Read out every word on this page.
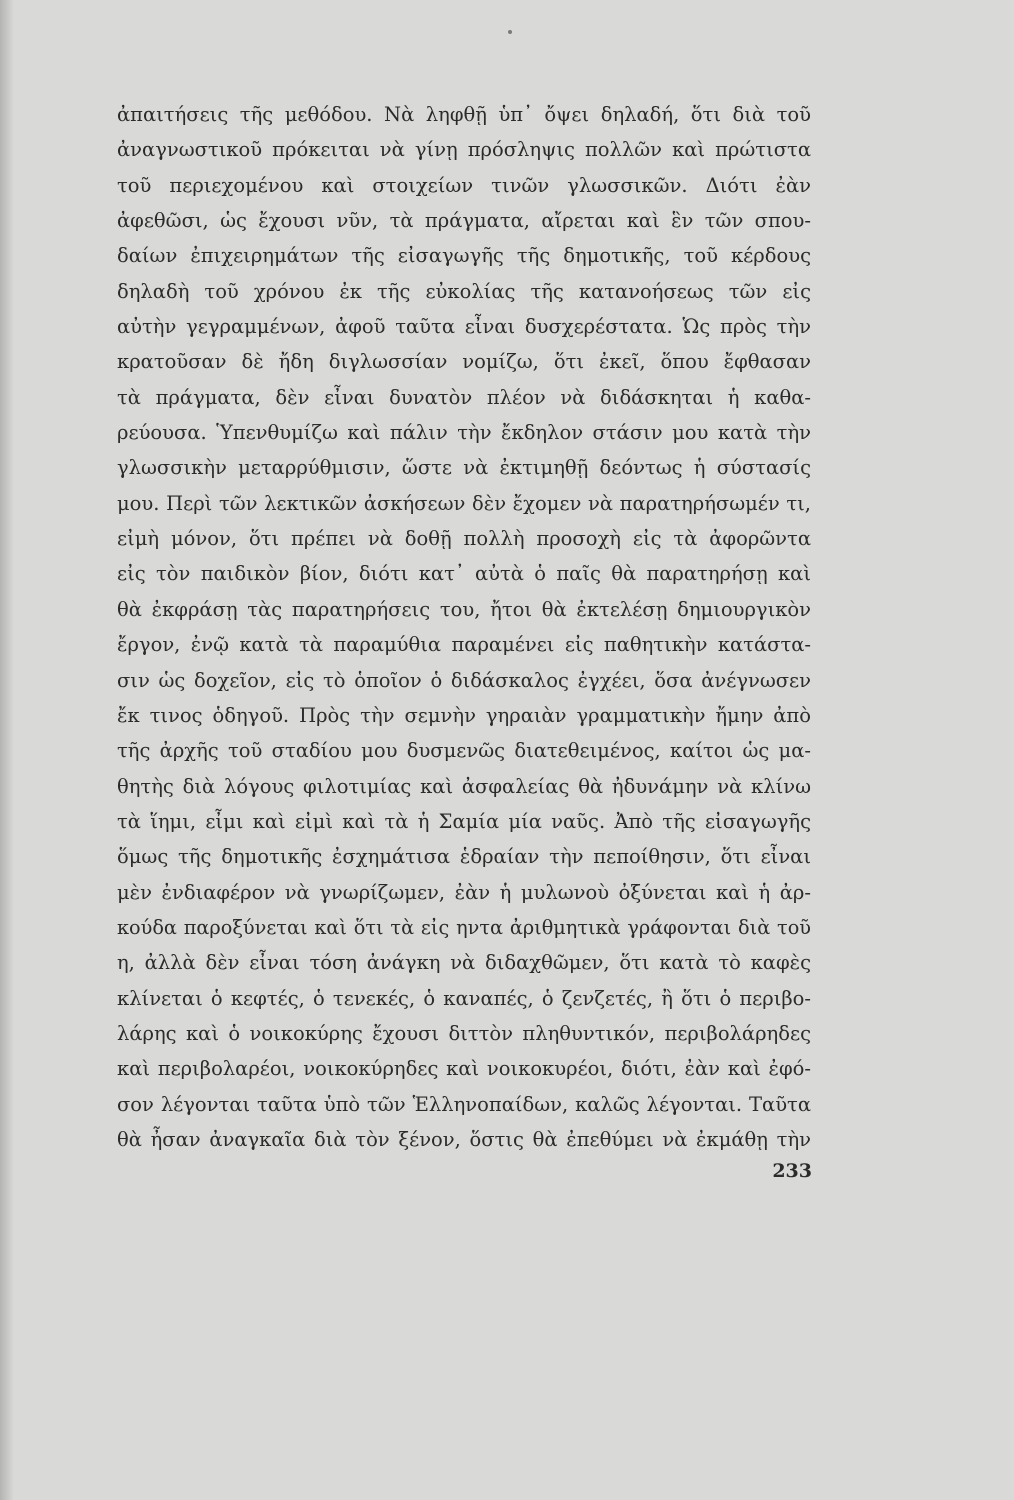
ἀπαιτήσεις τῆς μεθόδου. Νὰ ληφθῇ ὑπ᾿ ὄψει δηλαδή, ὅτι διὰ τοῦ
ἀναγνωστικοῦ πρόκειται νὰ γίνῃ πρόσληψις πολλῶν καὶ πρώτιστα
τοῦ περιεχομένου καὶ στοιχείων τινῶν γλωσσικῶν. Διότι ἐὰν
ἀφεθῶσι, ὡς ἔχουσι νῦν, τὰ πράγματα, αἴρεται καὶ ἓν τῶν σπου-
δαίων ἐπιχειρημάτων τῆς εἰσαγωγῆς τῆς δημοτικῆς, τοῦ κέρδους
δηλαδὴ τοῦ χρόνου ἐκ τῆς εὐκολίας τῆς κατανοήσεως τῶν εἰς
αὐτὴν γεγραμμένων, ἀφοῦ ταῦτα εἶναι δυσχερέστατα. Ὡς πρὸς τὴν
κρατοῦσαν δὲ ἤδη διγλωσσίαν νομίζω, ὅτι ἐκεῖ, ὅπου ἔφθασαν
τὰ πράγματα, δὲν εἶναι δυνατὸν πλέον νὰ διδάσκηται ἡ καθα-
ρεύουσα. Ὑπενθυμίζω καὶ πάλιν τὴν ἔκδηλον στάσιν μου κατὰ τὴν
γλωσσικὴν μεταρρύθμισιν, ὥστε νὰ ἐκτιμηθῇ δεόντως ἡ σύστασίς
μου. Περὶ τῶν λεκτικῶν ἀσκήσεων δὲν ἔχομεν νὰ παρατηρήσωμέν τι,
εἰμὴ μόνον, ὅτι πρέπει νὰ δοθῇ πολλὴ προσοχὴ εἰς τὰ ἀφορῶντα
εἰς τὸν παιδικὸν βίον, διότι κατ᾿ αὐτὰ ὁ παῖς θὰ παρατηρήσῃ καὶ
θὰ ἐκφράσῃ τὰς παρατηρήσεις του, ἤτοι θὰ ἐκτελέσῃ δημιουργικὸν
ἔργον, ἐνῷ κατὰ τὰ παραμύθια παραμένει εἰς παθητικὴν κατάστα-
σιν ὡς δοχεῖον, εἰς τὸ ὁποῖον ὁ διδάσκαλος ἐγχέει, ὅσα ἀνέγνωσεν
ἔκ τινος ὁδηγοῦ. Πρὸς τὴν σεμνὴν γηραιὰν γραμματικὴν ἤμην ἀπὸ
τῆς ἀρχῆς τοῦ σταδίου μου δυσμενῶς διατεθειμένος, καίτοι ὡς μα-
θητὴς διὰ λόγους φιλοτιμίας καὶ ἀσφαλείας θὰ ἠδυνάμην νὰ κλίνω
τὰ ἵημι, εἶμι καὶ εἰμὶ καὶ τὰ ἡ Σαμία μία ναῦς. Ἀπὸ τῆς εἰσαγωγῆς
ὅμως τῆς δημοτικῆς ἐσχημάτισα ἑδραίαν τὴν πεποίθησιν, ὅτι εἶναι
μὲν ἐνδιαφέρον νὰ γνωρίζωμεν, ἐὰν ἡ μυλωνοὺ ὀξύνεται καὶ ἡ ἀρ-
κούδα παροξύνεται καὶ ὅτι τὰ εἰς ηντα ἀριθμητικὰ γράφονται διὰ τοῦ
η, ἀλλὰ δὲν εἶναι τόση ἀνάγκη νὰ διδαχθῶμεν, ὅτι κατὰ τὸ καφὲς
κλίνεται ὁ κεφτές, ὁ τενεκές, ὁ καναπές, ὁ ζενζετές, ἢ ὅτι ὁ περιβο-
λάρης καὶ ὁ νοικοκύρης ἔχουσι διττὸν πληθυντικόν, περιβολάρηδες
καὶ περιβολαρέοι, νοικοκύρηδες καὶ νοικοκυρέοι, διότι, ἐὰν καὶ ἐφό-
σον λέγονται ταῦτα ὑπὸ τῶν Ἑλληνοπαίδων, καλῶς λέγονται. Ταῦτα
θὰ ἦσαν ἀναγκαῖα διὰ τὸν ξένον, ὅστις θὰ ἐπεθύμει νὰ ἐκμάθῃ τὴν
233
